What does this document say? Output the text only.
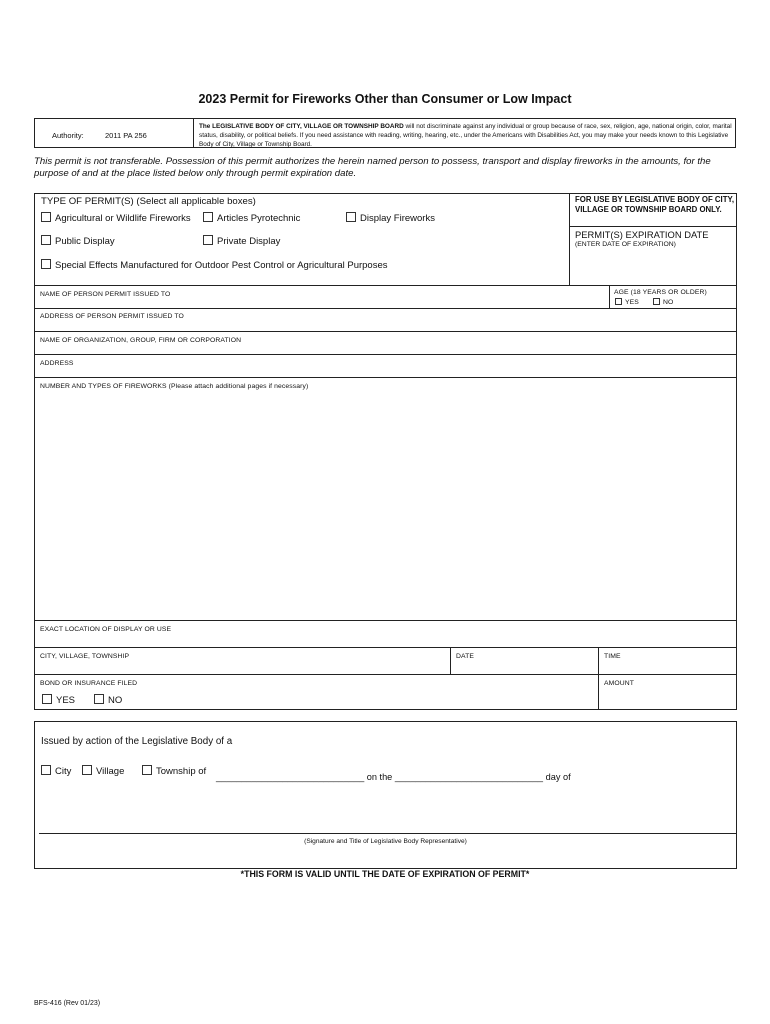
2023 Permit for Fireworks Other than Consumer or Low Impact
Authority:	2011 PA 256
The LEGISLATIVE BODY OF CITY, VILLAGE OR TOWNSHIP BOARD will not discriminate against any individual or group because of race, sex, religion, age, national origin, color, marital status, disability, or political beliefs. If you need assistance with reading, writing, hearing, etc., under the Americans with Disabilities Act, you may make your needs known to this Legislative Body of City, Village or Township Board.
This permit is not transferable. Possession of this permit authorizes the herein named person to possess, transport and display fireworks in the amounts, for the purpose of and at the place listed below only through permit expiration date.
TYPE OF PERMIT(S) (Select all applicable boxes)
Agricultural or Wildlife Fireworks	Articles Pyrotechnic	Display Fireworks
Public Display	Private Display
Special Effects Manufactured for Outdoor Pest Control or Agricultural Purposes
FOR USE BY LEGISLATIVE BODY OF CITY, VILLAGE OR TOWNSHIP BOARD ONLY.
PERMIT(S) EXPIRATION DATE
(ENTER DATE OF EXPIRATION)
NAME OF PERSON PERMIT ISSUED TO	AGE (18 YEARS OR OLDER)
YES	NO
ADDRESS OF PERSON PERMIT ISSUED TO
NAME OF ORGANIZATION, GROUP, FIRM OR CORPORATION
ADDRESS
NUMBER AND TYPES OF FIREWORKS (Please attach additional pages if necessary)
EXACT LOCATION OF DISPLAY OR USE
CITY, VILLAGE, TOWNSHIP	DATE	TIME
BOND OR INSURANCE FILED
YES	NO
AMOUNT
Issued by action of the Legislative Body of a
City	Village	Township of _____________________________ on the _____________________________ day of
(Signature and Title of Legislative Body Representative)
*THIS FORM IS VALID UNTIL THE DATE OF EXPIRATION OF PERMIT*
BFS-416 (Rev 01/23)
